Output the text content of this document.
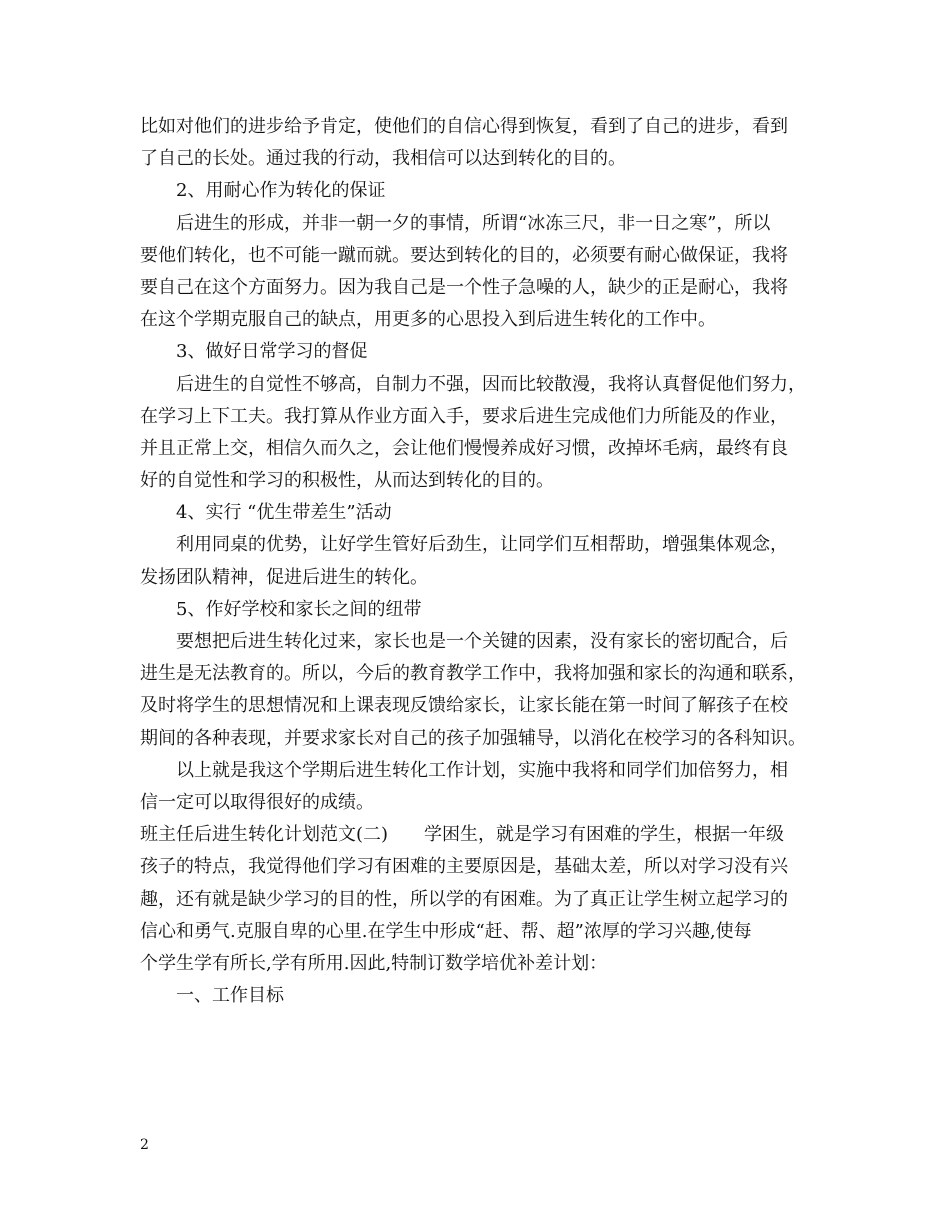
比如对他们的进步给予肯定，使他们的自信心得到恢复，看到了自己的进步，看到
了自己的长处。通过我的行动，我相信可以达到转化的目的。
2、用耐心作为转化的保证
后进生的形成，并非一朝一夕的事情，所谓“冰冻三尺，非一日之寒”，所以
要他们转化，也不可能一蹴而就。要达到转化的目的，必须要有耐心做保证，我将
要自己在这个方面努力。因为我自己是一个性子急噪的人，缺少的正是耐心，我将
在这个学期克服自己的缺点，用更多的心思投入到后进生转化的工作中。
3、做好日常学习的督促
后进生的自觉性不够高，自制力不强，因而比较散漫，我将认真督促他们努力，
在学习上下工夫。我打算从作业方面入手，要求后进生完成他们力所能及的作业，
并且正常上交，相信久而久之，会让他们慢慢养成好习惯，改掉坏毛病，最终有良
好的自觉性和学习的积极性，从而达到转化的目的。
4、实行 “优生带差生”活动
利用同桌的优势，让好学生管好后劲生，让同学们互相帮助，增强集体观念，
发扬团队精神，促进后进生的转化。
5、作好学校和家长之间的纽带
要想把后进生转化过来，家长也是一个关键的因素，没有家长的密切配合，后
进生是无法教育的。所以，今后的教育教学工作中，我将加强和家长的沟通和联系，
及时将学生的思想情况和上课表现反馈给家长，让家长能在第一时间了解孩子在校
期间的各种表现，并要求家长对自己的孩子加强辅导，以消化在校学习的各科知识。
以上就是我这个学期后进生转化工作计划，实施中我将和同学们加倍努力，相
信一定可以取得很好的成绩。
班主任后进生转化计划范文(二)　　学困生，就是学习有困难的学生，根据一年级
孩子的特点，我觉得他们学习有困难的主要原因是，基础太差，所以对学习没有兴
趣，还有就是缺少学习的目的性，所以学的有困难。为了真正让学生树立起学习的
信心和勇气.克服自卑的心里.在学生中形成“赶、帮、超”浓厚的学习兴趣,使每
个学生学有所长,学有所用.因此,特制订数学培优补差计划：
一、工作目标
2
